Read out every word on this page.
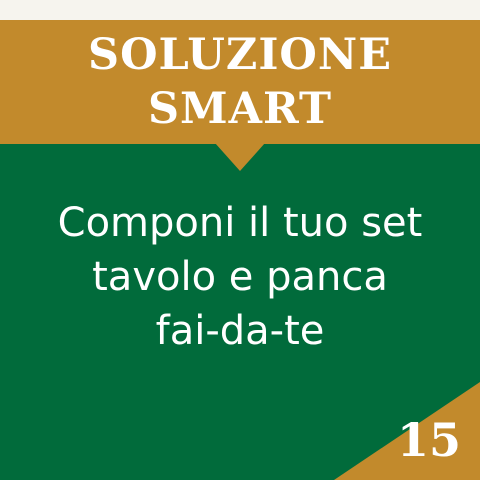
SOLUZIONE
SMART
Componi il tuo set
tavolo e panca
fai-da-te
15
